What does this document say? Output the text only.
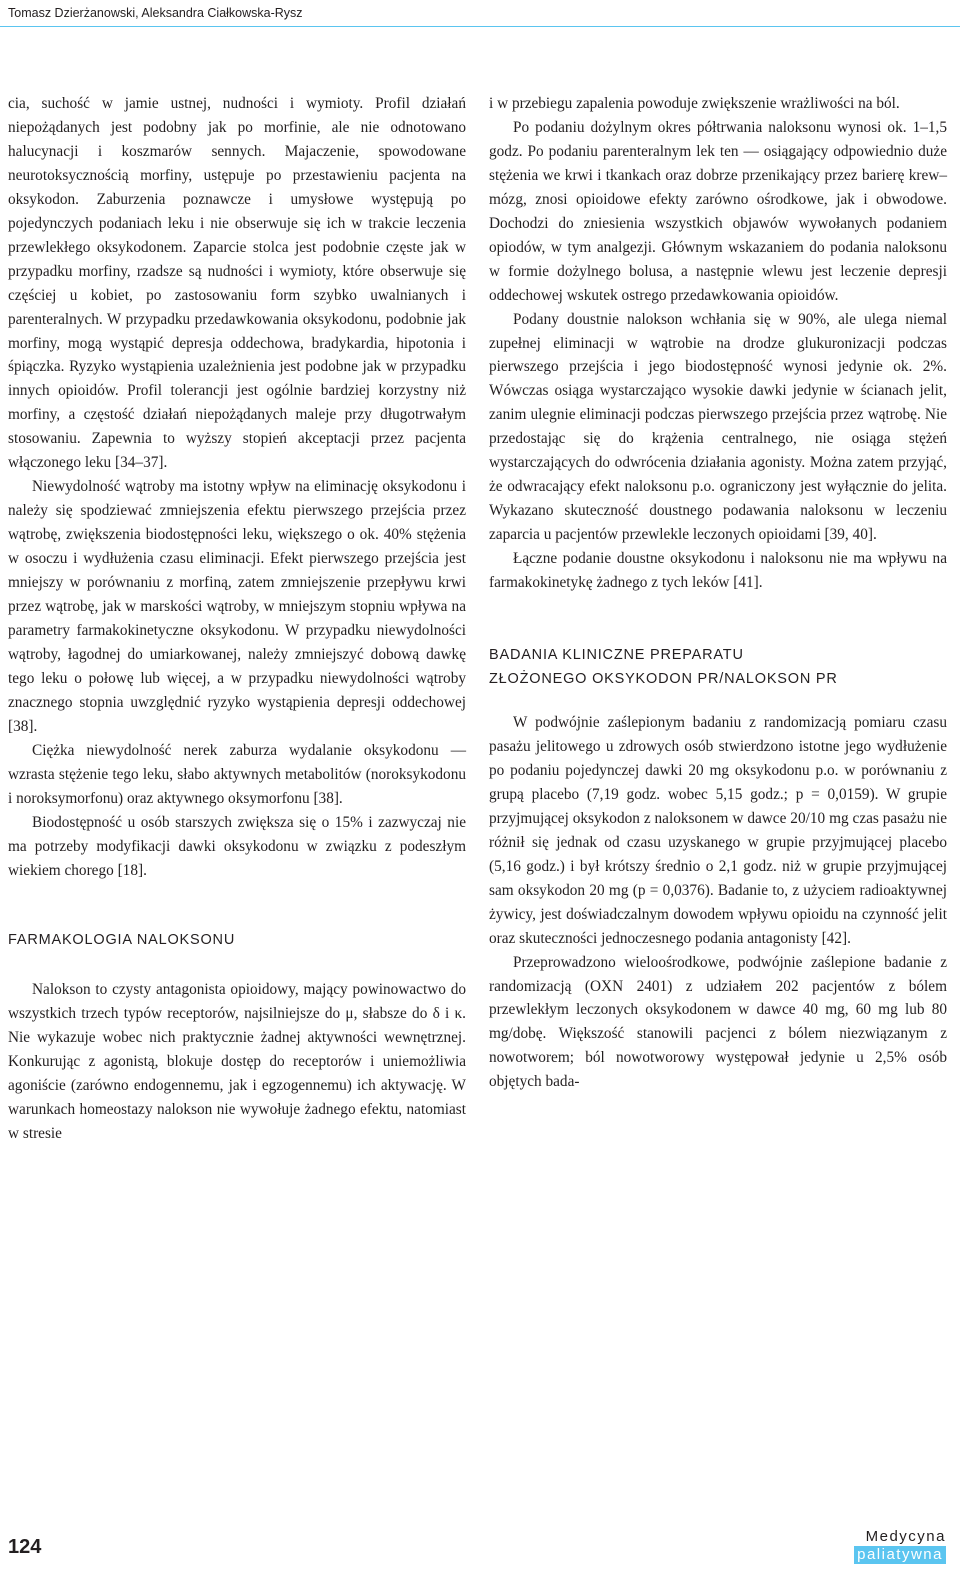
Tomasz Dzierżanowski, Aleksandra Ciałkowska-Rysz

cia, suchość w jamie ustnej, nudności i wymioty. Profil działań niepożądanych jest podobny jak po morfinie, ale nie odnotowano halucynacji i koszmarów sennych. Majaczenie, spowodowane neurotoksycznością morfiny, ustępuje po przestawieniu pacjenta na oksykodon. Zaburzenia poznawcze i umysłowe występują po pojedynczych podaniach leku i nie obserwuje się ich w trakcie leczenia przewlekłego oksykodonem. Zaparcie stolca jest podobnie częste jak w przypadku morfiny, rzadsze są nudności i wymioty, które obserwuje się częściej u kobiet, po zastosowaniu form szybko uwalnianych i parenteralnych. W przypadku przedawkowania oksykodonu, podobnie jak morfiny, mogą wystąpić depresja oddechowa, bradykardia, hipotonia i śpiączka. Ryzyko wystąpienia uzależnienia jest podobne jak w przypadku innych opioidów. Profil tolerancji jest ogólnie bardziej korzystny niż morfiny, a częstość działań niepożądanych maleje przy długotrwałym stosowaniu. Zapewnia to wyższy stopień akceptacji przez pacjenta włączonego leku [34–37].

Niewydolność wątroby ma istotny wpływ na eliminację oksykodonu i należy się spodziewać zmniejszenia efektu pierwszego przejścia przez wątrobę, zwiększenia biodostępności leku, większego o ok. 40% stężenia w osoczu i wydłużenia czasu eliminacji. Efekt pierwszego przejścia jest mniejszy w porównaniu z morfiną, zatem zmniejszenie przepływu krwi przez wątrobę, jak w marskości wątroby, w mniejszym stopniu wpływa na parametry farmakokinetyczne oksykodonu. W przypadku niewydolności wątroby, łagodnej do umiarkowanej, należy zmniejszyć dobową dawkę tego leku o połowę lub więcej, a w przypadku niewydolności wątroby znacznego stopnia uwzględnić ryzyko wystąpienia depresji oddechowej [38].

Ciężka niewydolność nerek zaburza wydalanie oksykodonu — wzrasta stężenie tego leku, słabo aktywnych metabolitów (noroksykodonu i noroksymorfonu) oraz aktywnego oksymorfonu [38].

Biodostępność u osób starszych zwiększa się o 15% i zazwyczaj nie ma potrzeby modyfikacji dawki oksykodonu w związku z podeszłym wiekiem chorego [18].

FARMAKOLOGIA NALOKSONU

Nalokson to czysty antagonista opioidowy, mający powinowactwo do wszystkich trzech typów receptorów, najsilniejsze do μ, słabsze do δ i κ. Nie wykazuje wobec nich praktycznie żadnej aktywności wewnętrznej. Konkurując z agonistą, blokuje dostęp do receptorów i uniemożliwia agoniście (zarówno endogennemu, jak i egzogennemu) ich aktywację. W warunkach homeostazy nalokson nie wywołuje żadnego efektu, natomiast w stresie

i w przebiegu zapalenia powoduje zwiększenie wrażliwości na ból.

Po podaniu dożylnym okres półtrwania naloksonu wynosi ok. 1–1,5 godz. Po podaniu parenteralnym lek ten — osiągający odpowiednio duże stężenia we krwi i tkankach oraz dobrze przenikający przez barierę krew–mózg, znosi opioidowe efekty zarówno ośrodkowe, jak i obwodowe. Dochodzi do zniesienia wszystkich objawów wywołanych podaniem opiodów, w tym analgezji. Głównym wskazaniem do podania naloksonu w formie dożylnego bolusa, a następnie wlewu jest leczenie depresji oddechowej wskutek ostrego przedawkowania opioidów.

Podany doustnie nalokson wchłania się w 90%, ale ulega niemal zupełnej eliminacji w wątrobie na drodze glukuronizacji podczas pierwszego przejścia i jego biodostępność wynosi jedynie ok. 2%. Wówczas osiąga wystarczająco wysokie dawki jedynie w ścianach jelit, zanim ulegnie eliminacji podczas pierwszego przejścia przez wątrobę. Nie przedostając się do krążenia centralnego, nie osiąga stężeń wystarczających do odwrócenia działania agonisty. Można zatem przyjąć, że odwracający efekt naloksonu p.o. ograniczony jest wyłącznie do jelita. Wykazano skuteczność doustnego podawania naloksonu w leczeniu zaparcia u pacjentów przewlekle leczonych opioidami [39, 40].

Łączne podanie doustne oksykodonu i naloksonu nie ma wpływu na farmakokinetykę żadnego z tych leków [41].

BADANIA KLINICZNE PREPARATU
ZŁOŻONEGO OKSYKODON PR/NALOKSON PR

W podwójnie zaślepionym badaniu z randomizacją pomiaru czasu pasażu jelitowego u zdrowych osób stwierdzono istotne jego wydłużenie po podaniu pojedynczej dawki 20 mg oksykodonu p.o. w porównaniu z grupą placebo (7,19 godz. wobec 5,15 godz.; p = 0,0159). W grupie przyjmującej oksykodon z naloksonem w dawce 20/10 mg czas pasażu nie różnił się jednak od czasu uzyskanego w grupie przyjmującej placebo (5,16 godz.) i był krótszy średnio o 2,1 godz. niż w grupie przyjmującej sam oksykodon 20 mg (p = 0,0376). Badanie to, z użyciem radioaktywnej żywicy, jest doświadczalnym dowodem wpływu opioidu na czynność jelit oraz skuteczności jednoczesnego podania antagonisty [42].

Przeprowadzono wieloośrodkowe, podwójnie zaślepione badanie z randomizacją (OXN 2401) z udziałem 202 pacjentów z bólem przewlekłym leczonych oksykodonem w dawce 40 mg, 60 mg lub 80 mg/dobę. Większość stanowili pacjenci z bólem niezwiązanym z nowotworem; ból nowotworowy występował jedynie u 2,5% osób objętych bada-

124	Medycyna
paliatywna
